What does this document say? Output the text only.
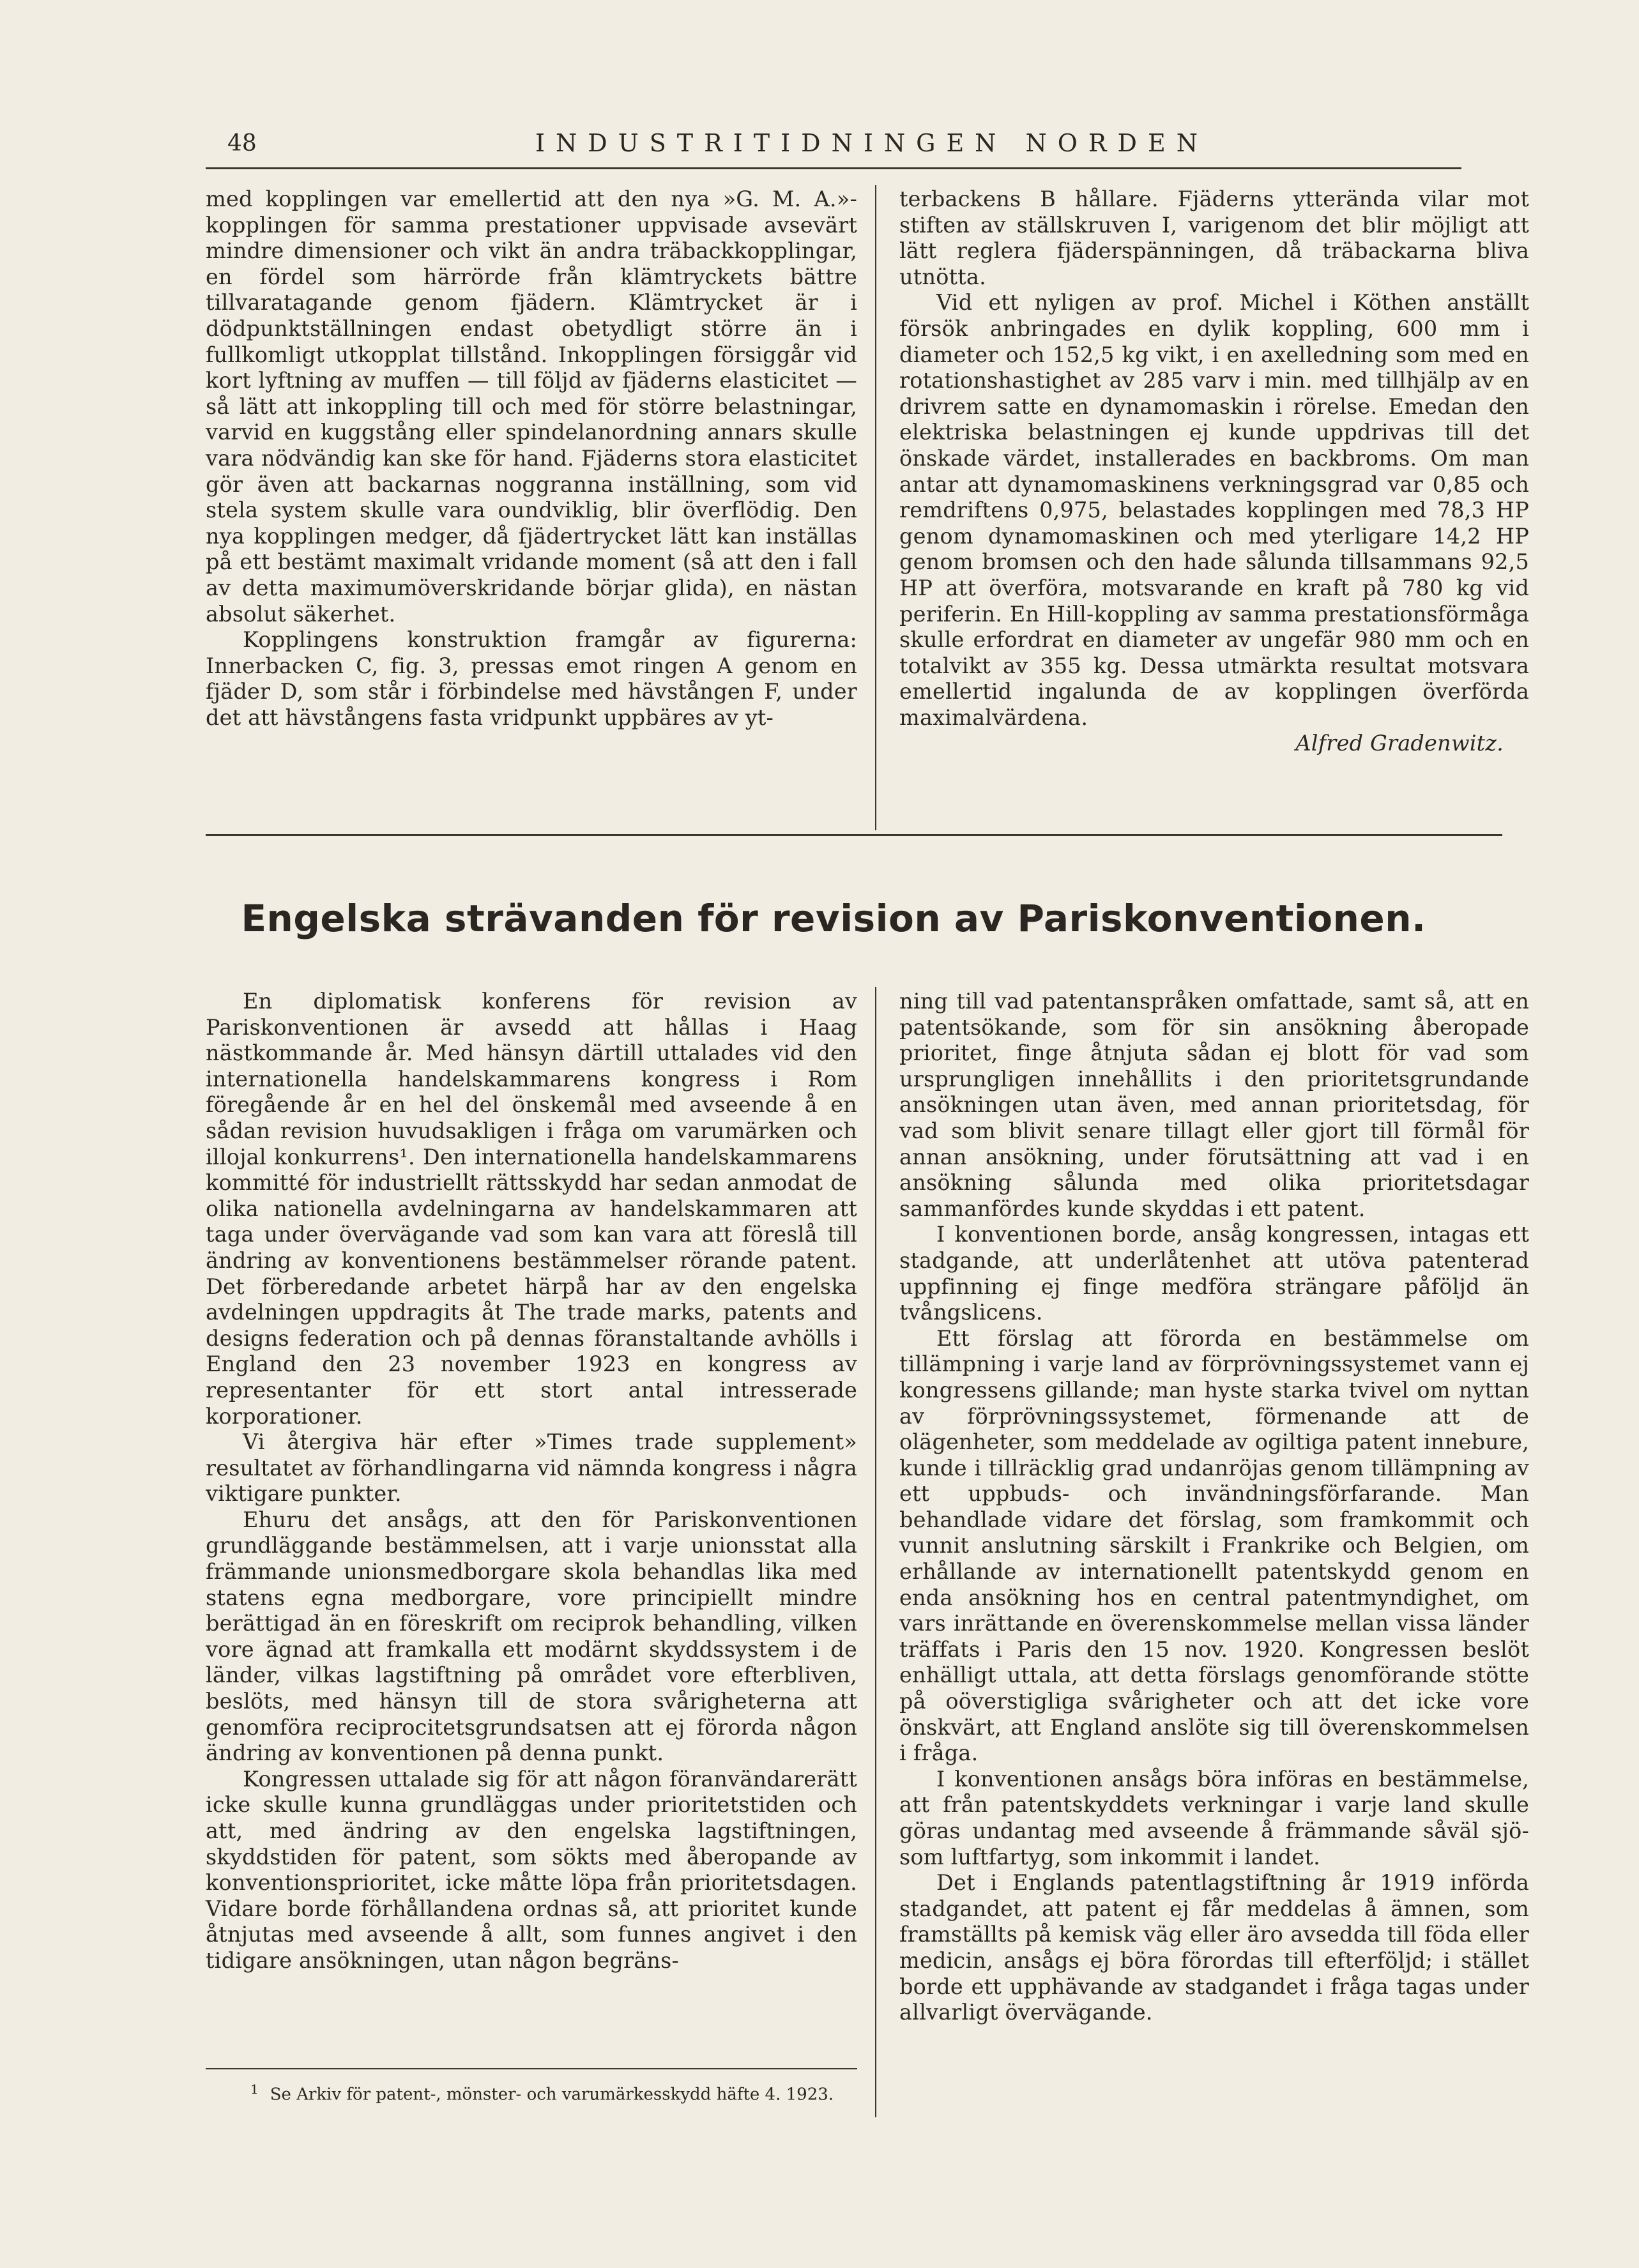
48	INDUSTRITIDNINGEN NORDEN

med kopplingen var emellertid att den nya »G. M. A.»-kopplingen för samma prestationer uppvisade avsevärt mindre dimensioner och vikt än andra träbackkopplingar, en fördel som härrörde från klämtryckets bättre tillvaratagande genom fjädern. Klämtrycket är i dödpunktställningen endast obetydligt större än i fullkomligt utkopplat tillstånd. Inkopplingen försiggår vid kort lyftning av muffen — till följd av fjäderns elasticitet — så lätt att inkoppling till och med för större belastningar, varvid en kuggstång eller spindelanordning annars skulle vara nödvändig kan ske för hand. Fjäderns stora elasticitet gör även att backarnas noggranna inställning, som vid stela system skulle vara oundviklig, blir överflödig. Den nya kopplingen medger, då fjädertrycket lätt kan inställas på ett bestämt maximalt vridande moment (så att den i fall av detta maximumöverskridande börjar glida), en nästan absolut säkerhet.

Kopplingens konstruktion framgår av figurerna: Innerbacken C, fig. 3, pressas emot ringen A genom en fjäder D, som står i förbindelse med hävstången F, under det att hävstångens fasta vridpunkt uppbäres av yt-

terbackens B hållare. Fjäderns ytterända vilar mot stiften av ställskruven I, varigenom det blir möjligt att lätt reglera fjäderspänningen, då träbackarna bliva utnötta.

Vid ett nyligen av prof. Michel i Köthen anställt försök anbringades en dylik koppling, 600 mm i diameter och 152,5 kg vikt, i en axelledning som med en rotationshastighet av 285 varv i min. med tillhjälp av en drivrem satte en dynamomaskin i rörelse. Emedan den elektriska belastningen ej kunde uppdrivas till det önskade värdet, installerades en backbroms. Om man antar att dynamomaskinens verkningsgrad var 0,85 och remdriftens 0,975, belastades kopplingen med 78,3 HP genom dynamomaskinen och med yterligare 14,2 HP genom bromsen och den hade sålunda tillsammans 92,5 HP att överföra, motsvarande en kraft på 780 kg vid periferin. En Hill-koppling av samma prestationsförmåga skulle erfordrat en diameter av ungefär 980 mm och en totalvikt av 355 kg. Dessa utmärkta resultat motsvara emellertid ingalunda de av kopplingen överförda maximalvärdena.

Alfred Gradenwitz.

Engelska strävanden för revision av Pariskonventionen.

En diplomatisk konferens för revision av Pariskonventionen är avsedd att hållas i Haag nästkommande år. Med hänsyn därtill uttalades vid den internationella handelskammarens kongress i Rom föregående år en hel del önskemål med avseende å en sådan revision huvudsakligen i fråga om varumärken och illojal konkurrens¹. Den internationella handelskammarens kommitté för industriellt rättsskydd har sedan anmodat de olika nationella avdelningarna av handelskammaren att taga under övervägande vad som kan vara att föreslå till ändring av konventionens bestämmelser rörande patent. Det förberedande arbetet härpå har av den engelska avdelningen uppdragits åt The trade marks, patents and designs federation och på dennas föranstaltande avhölls i England den 23 november 1923 en kongress av representanter för ett stort antal intresserade korporationer.

Vi återgiva här efter »Times trade supplement» resultatet av förhandlingarna vid nämnda kongress i några viktigare punkter.

Ehuru det ansågs, att den för Pariskonventionen grundläggande bestämmelsen, att i varje unionsstat alla främmande unionsmedborgare skola behandlas lika med statens egna medborgare, vore principiellt mindre berättigad än en föreskrift om reciprok behandling, vilken vore ägnad att framkalla ett modärnt skyddssystem i de länder, vilkas lagstiftning på området vore efterbliven, beslöts, med hänsyn till de stora svårigheterna att genomföra reciprocitetsgrundsatsen att ej förorda någon ändring av konventionen på denna punkt.

Kongressen uttalade sig för att någon föranvändarerätt icke skulle kunna grundläggas under prioritetstiden och att, med ändring av den engelska lagstiftningen, skyddstiden för patent, som sökts med åberopande av konventionsprioritet, icke måtte löpa från prioritetsdagen. Vidare borde förhållandena ordnas så, att prioritet kunde åtnjutas med avseende å allt, som funnes angivet i den tidigare ansökningen, utan någon begräns-

ning till vad patentanspråken omfattade, samt så, att en patentsökande, som för sin ansökning åberopade prioritet, finge åtnjuta sådan ej blott för vad som ursprungligen innehållits i den prioritetsgrundande ansökningen utan även, med annan prioritetsdag, för vad som blivit senare tillagt eller gjort till förmål för annan ansökning, under förutsättning att vad i en ansökning sålunda med olika prioritetsdagar sammanfördes kunde skyddas i ett patent.

I konventionen borde, ansåg kongressen, intagas ett stadgande, att underlåtenhet att utöva patenterad uppfinning ej finge medföra strängare påföljd än tvångslicens.

Ett förslag att förorda en bestämmelse om tillämpning i varje land av förprövningssystemet vann ej kongressens gillande; man hyste starka tvivel om nyttan av förprövningssystemet, förmenande att de olägenheter, som meddelade av ogiltiga patent innebure, kunde i tillräcklig grad undanröjas genom tillämpning av ett uppbuds- och invändningsförfarande. Man behandlade vidare det förslag, som framkommit och vunnit anslutning särskilt i Frankrike och Belgien, om erhållande av internationellt patentskydd genom en enda ansökning hos en central patentmyndighet, om vars inrättande en överenskommelse mellan vissa länder träffats i Paris den 15 nov. 1920. Kongressen beslöt enhälligt uttala, att detta förslags genomförande stötte på oöverstigliga svårigheter och att det icke vore önskvärt, att England anslöte sig till överenskommelsen i fråga.

I konventionen ansågs böra införas en bestämmelse, att från patentskyddets verkningar i varje land skulle göras undantag med avseende å främmande såväl sjö- som luftfartyg, som inkommit i landet.

Det i Englands patentlagstiftning år 1919 införda stadgandet, att patent ej får meddelas å ämnen, som framställts på kemisk väg eller äro avsedda till föda eller medicin, ansågs ej böra förordas till efterföljd; i stället borde ett upphävande av stadgandet i fråga tagas under allvarligt övervägande.

$^1$ Se Arkiv för patent-, mönster- och varumärkesskydd häfte 4. 1923.
